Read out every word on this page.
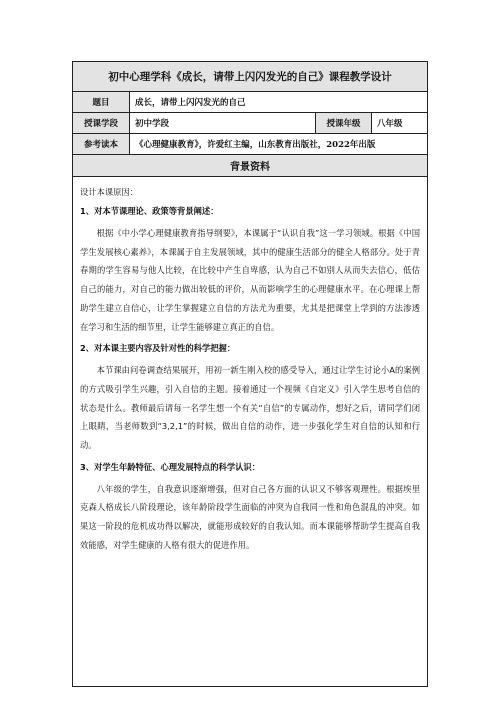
初中心理学科《成长，请带上闪闪发光的自己》课程教学设计
题目	成长，请带上闪闪发光的自己
授课学段	初中学段	授课年级	八年级
参考读本	《心理健康教育》，许爱红主编，山东教育出版社，2022年出版
背景资料

设计本课原因：

1、对本节课理论、政策等背景阐述：

根据《中小学心理健康教育指导纲要》，本课属于“认识自我”这一学习领域。根据《中国学生发展核心素养》，本课属于自主发展领域，其中的健康生活部分的健全人格部分。处于青春期的学生容易与他人比较，在比较中产生自卑感，认为自己不如别人从而失去信心，低估自己的能力，对自己的能力做出较低的评价，从而影响学生的心理健康水平。在心理课上帮助学生建立自信心，让学生掌握建立自信的方法尤为重要，尤其是把课堂上学到的方法渗透在学习和生活的细节里，让学生能够建立真正的自信。

2、对本课主要内容及针对性的科学把握：

本节课由问卷调查结果展开，用初一新生刚入校的感受导入，通过让学生讨论小A的案例的方式吸引学生兴趣，引入自信的主题。接着通过一个视频《自定义》引入学生思考自信的状态是什么。教师最后请每一名学生想一个有关“自信”的专属动作，想好之后，请同学们闭上眼睛，当老师数到“3,2,1”的时候，做出自信的动作，进一步强化学生对自信的认知和行动。

3、对学生年龄特征、心理发展特点的科学认识：

八年级的学生，自我意识逐渐增强，但对自己各方面的认识又不够客观理性。根据埃里克森人格成长八阶段理论，该年龄阶段学生面临的冲突为自我同一性和角色混乱的冲突。如果这一阶段的危机成功得以解决，就能形成较好的自我认知。而本课能够帮助学生提高自我效能感，对学生健康的人格有很大的促进作用。
